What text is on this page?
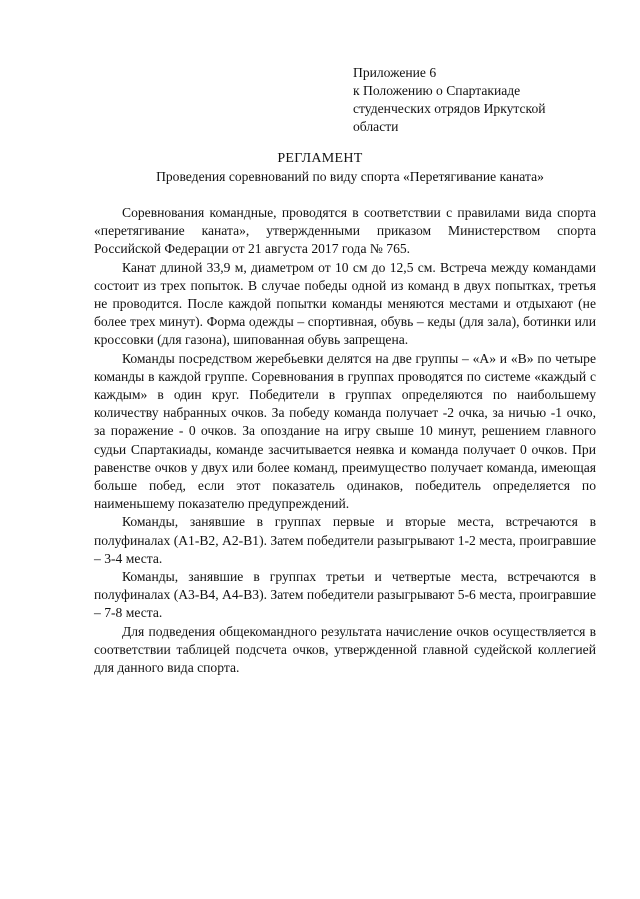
Приложение 6
к Положению о Спартакиаде
студенческих отрядов Иркутской
области
РЕГЛАМЕНТ
Проведения соревнований по виду спорта «Перетягивание каната»

Соревнования командные, проводятся в соответствии с правилами вида спорта «перетягивание каната», утвержденными приказом Министерством спорта Российской Федерации от 21 августа 2017 года № 765.

Канат длиной 33,9 м, диаметром от 10 см до 12,5 см. Встреча между командами состоит из трех попыток. В случае победы одной из команд в двух попытках, третья не проводится. После каждой попытки команды меняются местами и отдыхают (не более трех минут). Форма одежды – спортивная, обувь – кеды (для зала), ботинки или кроссовки (для газона), шипованная обувь запрещена.

Команды посредством жеребьевки делятся на две группы – «А» и «В» по четыре команды в каждой группе. Соревнования в группах проводятся по системе «каждый с каждым» в один круг. Победители в группах определяются по наибольшему количеству набранных очков. За победу команда получает -2 очка, за ничью -1 очко, за поражение - 0 очков. За опоздание на игру свыше 10 минут, решением главного судьи Спартакиады, команде засчитывается неявка и команда получает 0 очков. При равенстве очков у двух или более команд, преимущество получает команда, имеющая больше побед, если этот показатель одинаков, победитель определяется по наименьшему показателю предупреждений.

Команды, занявшие в группах первые и вторые места, встречаются в полуфиналах (А1-В2, А2-В1). Затем победители разыгрывают 1-2 места, проигравшие – 3-4 места.

Команды, занявшие в группах третьи и четвертые места, встречаются в полуфиналах (А3-В4, А4-В3). Затем победители разыгрывают 5-6 места, проигравшие – 7-8 места.

Для подведения общекомандного результата начисление очков осуществляется в соответствии таблицей подсчета очков, утвержденной главной судейской коллегией для данного вида спорта.
